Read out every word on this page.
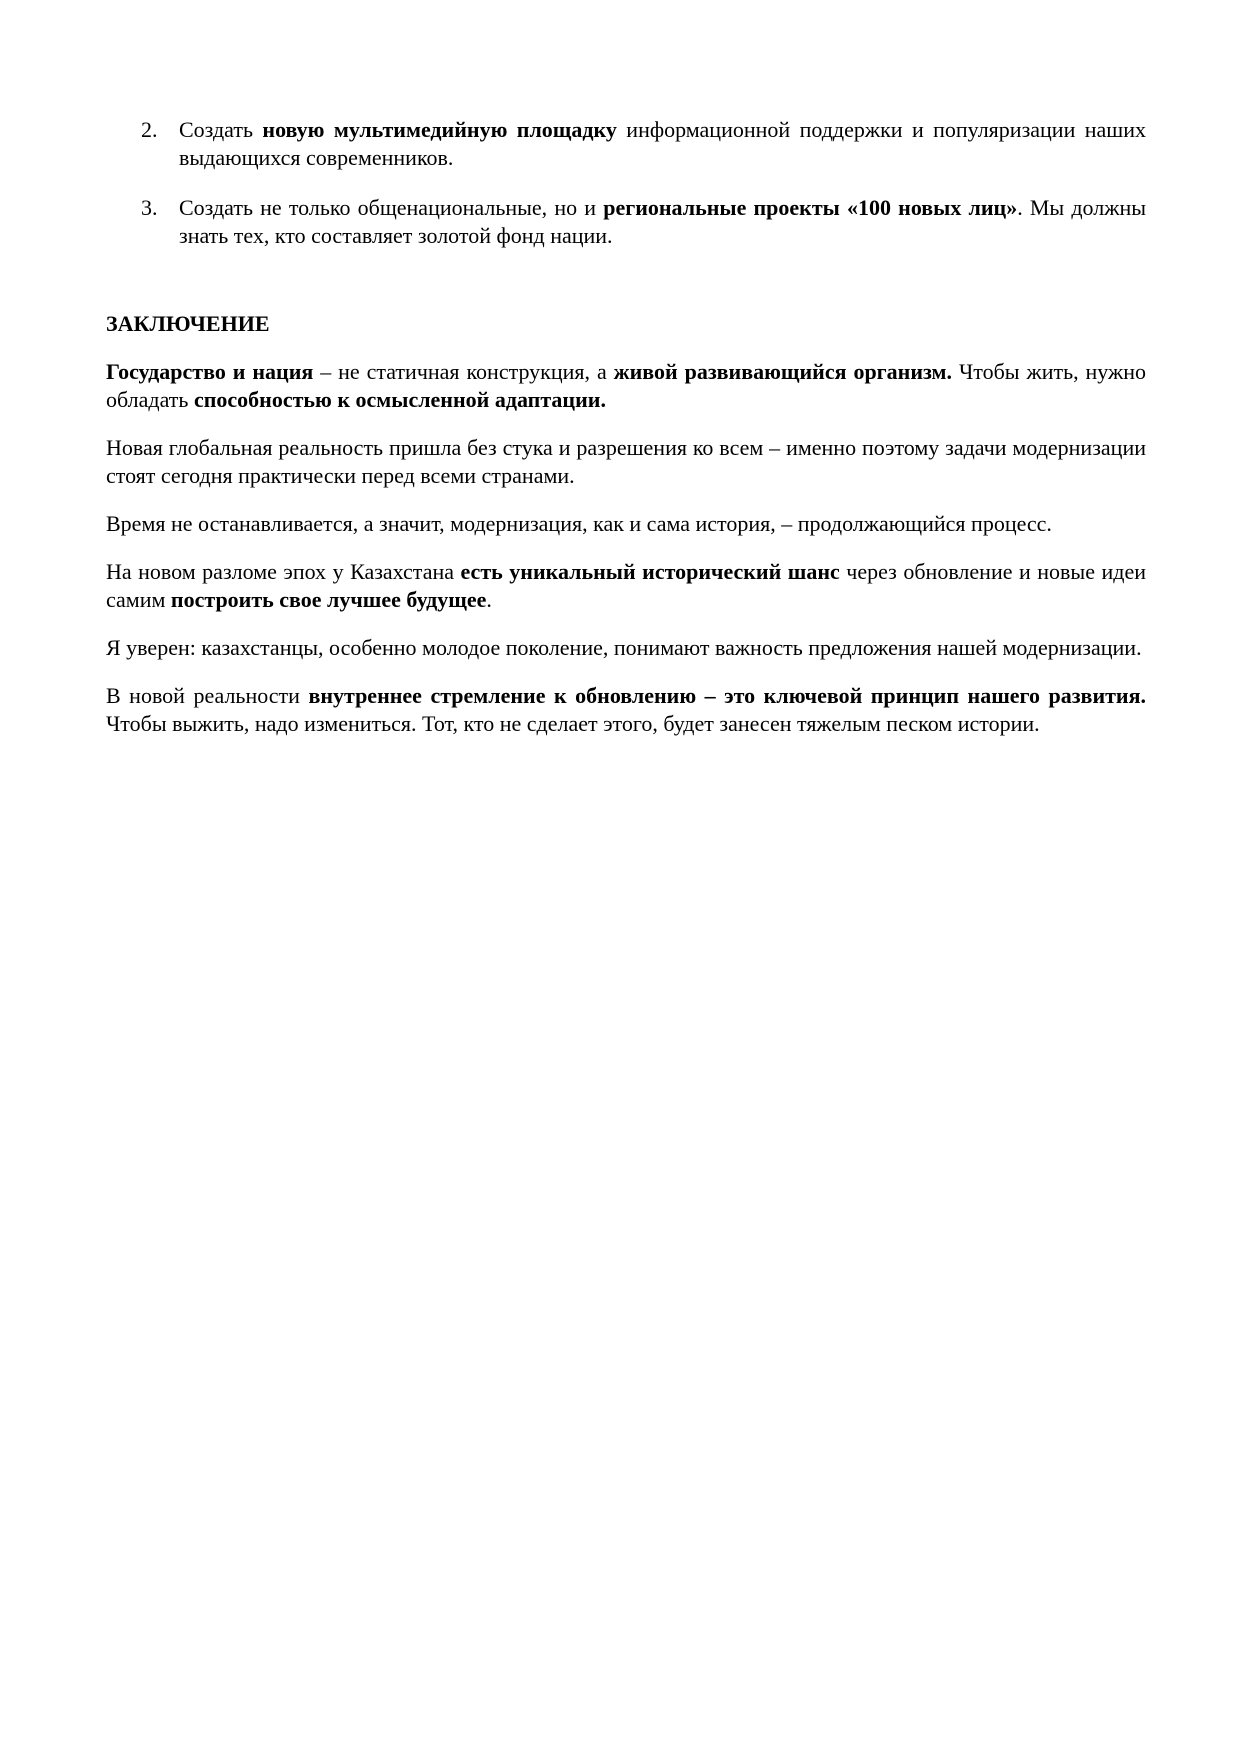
2. Создать новую мультимедийную площадку информационной поддержки и популяризации наших выдающихся современников.
3. Создать не только общенациональные, но и региональные проекты «100 новых лиц». Мы должны знать тех, кто составляет золотой фонд нации.
ЗАКЛЮЧЕНИЕ
Государство и нация – не статичная конструкция, а живой развивающийся организм. Чтобы жить, нужно обладать способностью к осмысленной адаптации.
Новая глобальная реальность пришла без стука и разрешения ко всем – именно поэтому задачи модернизации стоят сегодня практически перед всеми странами.
Время не останавливается, а значит, модернизация, как и сама история, – продолжающийся процесс.
На новом разломе эпох у Казахстана есть уникальный исторический шанс через обновление и новые идеи самим построить свое лучшее будущее.
Я уверен: казахстанцы, особенно молодое поколение, понимают важность предложения нашей модернизации.
В новой реальности внутреннее стремление к обновлению – это ключевой принцип нашего развития. Чтобы выжить, надо измениться. Тот, кто не сделает этого, будет занесен тяжелым песком истории.
